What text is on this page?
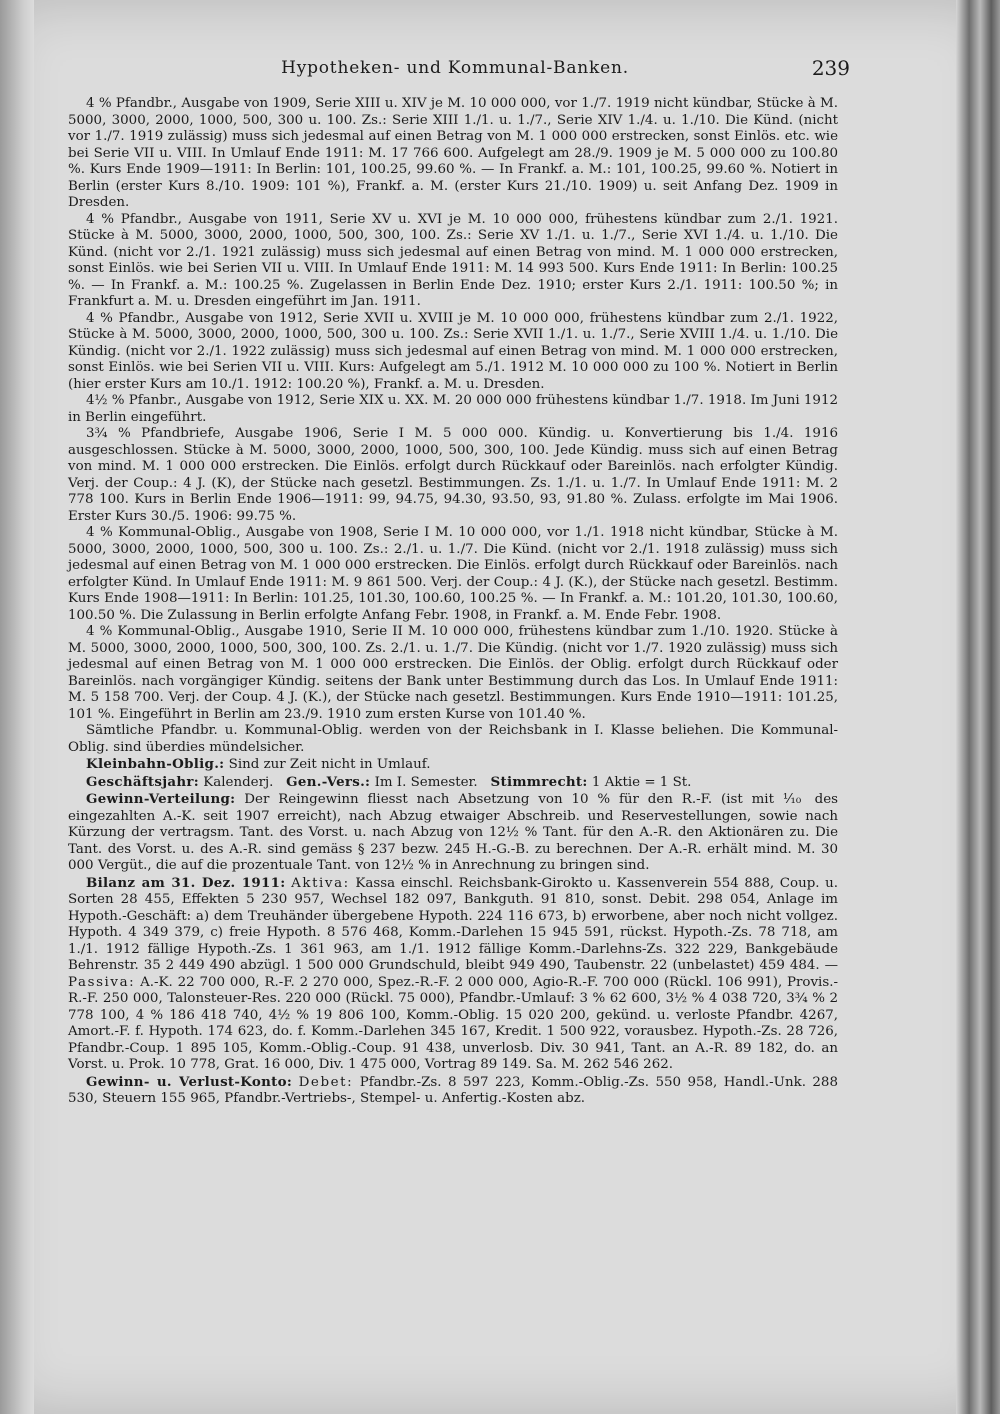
Hypotheken- und Kommunal-Banken.	239

4 % Pfandbr., Ausgabe von 1909, Serie XIII u. XIV je M. 10 000 000, vor 1./7. 1919 nicht kündbar, Stücke à M. 5000, 3000, 2000, 1000, 500, 300 u. 100. Zs.: Serie XIII 1./1. u. 1./7., Serie XIV 1./4. u. 1./10. Die Künd. (nicht vor 1./7. 1919 zulässig) muss sich jedesmal auf einen Betrag von M. 1 000 000 erstrecken, sonst Einlös. etc. wie bei Serie VII u. VIII. In Umlauf Ende 1911: M. 17 766 600. Aufgelegt am 28./9. 1909 je M. 5 000 000 zu 100.80 %. Kurs Ende 1909—1911: In Berlin: 101, 100.25, 99.60 %. — In Frankf. a. M.: 101, 100.25, 99.60 %. Notiert in Berlin (erster Kurs 8./10. 1909: 101 %), Frankf. a. M. (erster Kurs 21./10. 1909) u. seit Anfang Dez. 1909 in Dresden.

4 % Pfandbr., Ausgabe von 1911, Serie XV u. XVI je M. 10 000 000, frühestens kündbar zum 2./1. 1921. Stücke à M. 5000, 3000, 2000, 1000, 500, 300, 100. Zs.: Serie XV 1./1. u. 1./7., Serie XVI 1./4. u. 1./10. Die Künd. (nicht vor 2./1. 1921 zulässig) muss sich jedesmal auf einen Betrag von mind. M. 1 000 000 erstrecken, sonst Einlös. wie bei Serien VII u. VIII. In Umlauf Ende 1911: M. 14 993 500. Kurs Ende 1911: In Berlin: 100.25 %. — In Frankf. a. M.: 100.25 %. Zugelassen in Berlin Ende Dez. 1910; erster Kurs 2./1. 1911: 100.50 %; in Frankfurt a. M. u. Dresden eingeführt im Jan. 1911.

4 % Pfandbr., Ausgabe von 1912, Serie XVII u. XVIII je M. 10 000 000, frühestens kündbar zum 2./1. 1922, Stücke à M. 5000, 3000, 2000, 1000, 500, 300 u. 100. Zs.: Serie XVII 1./1. u. 1./7., Serie XVIII 1./4. u. 1./10. Die Kündig. (nicht vor 2./1. 1922 zulässig) muss sich jedesmal auf einen Betrag von mind. M. 1 000 000 erstrecken, sonst Einlös. wie bei Serien VII u. VIII. Kurs: Aufgelegt am 5./1. 1912 M. 10 000 000 zu 100 %. Notiert in Berlin (hier erster Kurs am 10./1. 1912: 100.20 %), Frankf. a. M. u. Dresden.

4½ % Pfanbr., Ausgabe von 1912, Serie XIX u. XX. M. 20 000 000 frühestens kündbar 1./7. 1918. Im Juni 1912 in Berlin eingeführt.

3¾ % Pfandbriefe, Ausgabe 1906, Serie I M. 5 000 000. Kündig. u. Konvertierung bis 1./4. 1916 ausgeschlossen. Stücke à M. 5000, 3000, 2000, 1000, 500, 300, 100. Jede Kündig. muss sich auf einen Betrag von mind. M. 1 000 000 erstrecken. Die Einlös. erfolgt durch Rückkauf oder Bareinlös. nach erfolgter Kündig. Verj. der Coup.: 4 J. (K), der Stücke nach gesetzl. Bestimmungen. Zs. 1./1. u. 1./7. In Umlauf Ende 1911: M. 2 778 100. Kurs in Berlin Ende 1906—1911: 99, 94.75, 94.30, 93.50, 93, 91.80 %. Zulass. erfolgte im Mai 1906. Erster Kurs 30./5. 1906: 99.75 %.

4 % Kommunal-Oblig., Ausgabe von 1908, Serie I M. 10 000 000, vor 1./1. 1918 nicht kündbar, Stücke à M. 5000, 3000, 2000, 1000, 500, 300 u. 100. Zs.: 2./1. u. 1./7. Die Künd. (nicht vor 2./1. 1918 zulässig) muss sich jedesmal auf einen Betrag von M. 1 000 000 erstrecken. Die Einlös. erfolgt durch Rückkauf oder Bareinlös. nach erfolgter Künd. In Umlauf Ende 1911: M. 9 861 500. Verj. der Coup.: 4 J. (K.), der Stücke nach gesetzl. Bestimm. Kurs Ende 1908—1911: In Berlin: 101.25, 101.30, 100.60, 100.25 %. — In Frankf. a. M.: 101.20, 101.30, 100.60, 100.50 %. Die Zulassung in Berlin erfolgte Anfang Febr. 1908, in Frankf. a. M. Ende Febr. 1908.

4 % Kommunal-Oblig., Ausgabe 1910, Serie II M. 10 000 000, frühestens kündbar zum 1./10. 1920. Stücke à M. 5000, 3000, 2000, 1000, 500, 300, 100. Zs. 2./1. u. 1./7. Die Kündig. (nicht vor 1./7. 1920 zulässig) muss sich jedesmal auf einen Betrag von M. 1 000 000 erstrecken. Die Einlös. der Oblig. erfolgt durch Rückkauf oder Bareinlös. nach vorgängiger Kündig. seitens der Bank unter Bestimmung durch das Los. In Umlauf Ende 1911: M. 5 158 700. Verj. der Coup. 4 J. (K.), der Stücke nach gesetzl. Bestimmungen. Kurs Ende 1910—1911: 101.25, 101 %. Eingeführt in Berlin am 23./9. 1910 zum ersten Kurse von 101.40 %.

Sämtliche Pfandbr. u. Kommunal-Oblig. werden von der Reichsbank in I. Klasse beliehen. Die Kommunal-Oblig. sind überdies mündelsicher.

Kleinbahn-Oblig.: Sind zur Zeit nicht in Umlauf.

Geschäftsjahr: Kalenderj. Gen.-Vers.: Im I. Semester. Stimmrecht: 1 Aktie = 1 St.

Gewinn-Verteilung: Der Reingewinn fliesst nach Absetzung von 10 % für den R.-F. (ist mit ⅒ des eingezahlten A.-K. seit 1907 erreicht), nach Abzug etwaiger Abschreib. und Reservestellungen, sowie nach Kürzung der vertragsm. Tant. des Vorst. u. nach Abzug von 12½ % Tant. für den A.-R. den Aktionären zu. Die Tant. des Vorst. u. des A.-R. sind gemäss § 237 bezw. 245 H.-G.-B. zu berechnen. Der A.-R. erhält mind. M. 30 000 Vergüt., die auf die prozentuale Tant. von 12½ % in Anrechnung zu bringen sind.

Bilanz am 31. Dez. 1911: Aktiva: Kassa einschl. Reichsbank-Girokto u. Kassenverein 554 888, Coup. u. Sorten 28 455, Effekten 5 230 957, Wechsel 182 097, Bankguth. 91 810, sonst. Debit. 298 054, Anlage im Hypoth.-Geschäft: a) dem Treuhänder übergebene Hypoth. 224 116 673, b) erworbene, aber noch nicht vollgez. Hypoth. 4 349 379, c) freie Hypoth. 8 576 468, Komm.-Darlehen 15 945 591, rückst. Hypoth.-Zs. 78 718, am 1./1. 1912 fällige Hypoth.-Zs. 1 361 963, am 1./1. 1912 fällige Komm.-Darlehns-Zs. 322 229, Bankgebäude Behrenstr. 35 2 449 490 abzügl. 1 500 000 Grundschuld, bleibt 949 490, Taubenstr. 22 (unbelastet) 459 484. — Passiva: A.-K. 22 700 000, R.-F. 2 270 000, Spez.-R.-F. 2 000 000, Agio-R.-F. 700 000 (Rückl. 106 991), Provis.-R.-F. 250 000, Talonsteuer-Res. 220 000 (Rückl. 75 000), Pfandbr.-Umlauf: 3 % 62 600, 3½ % 4 038 720, 3¾ % 2 778 100, 4 % 186 418 740, 4½ % 19 806 100, Komm.-Oblig. 15 020 200, gekünd. u. verloste Pfandbr. 4267, Amort.-F. f. Hypoth. 174 623, do. f. Komm.-Darlehen 345 167, Kredit. 1 500 922, vorausbez. Hypoth.-Zs. 28 726, Pfandbr.-Coup. 1 895 105, Komm.-Oblig.-Coup. 91 438, unverlosb. Div. 30 941, Tant. an A.-R. 89 182, do. an Vorst. u. Prok. 10 778, Grat. 16 000, Div. 1 475 000, Vortrag 89 149. Sa. M. 262 546 262.

Gewinn- u. Verlust-Konto: Debet: Pfandbr.-Zs. 8 597 223, Komm.-Oblig.-Zs. 550 958, Handl.-Unk. 288 530, Steuern 155 965, Pfandbr.-Vertriebs-, Stempel- u. Anfertig.-Kosten abz.
